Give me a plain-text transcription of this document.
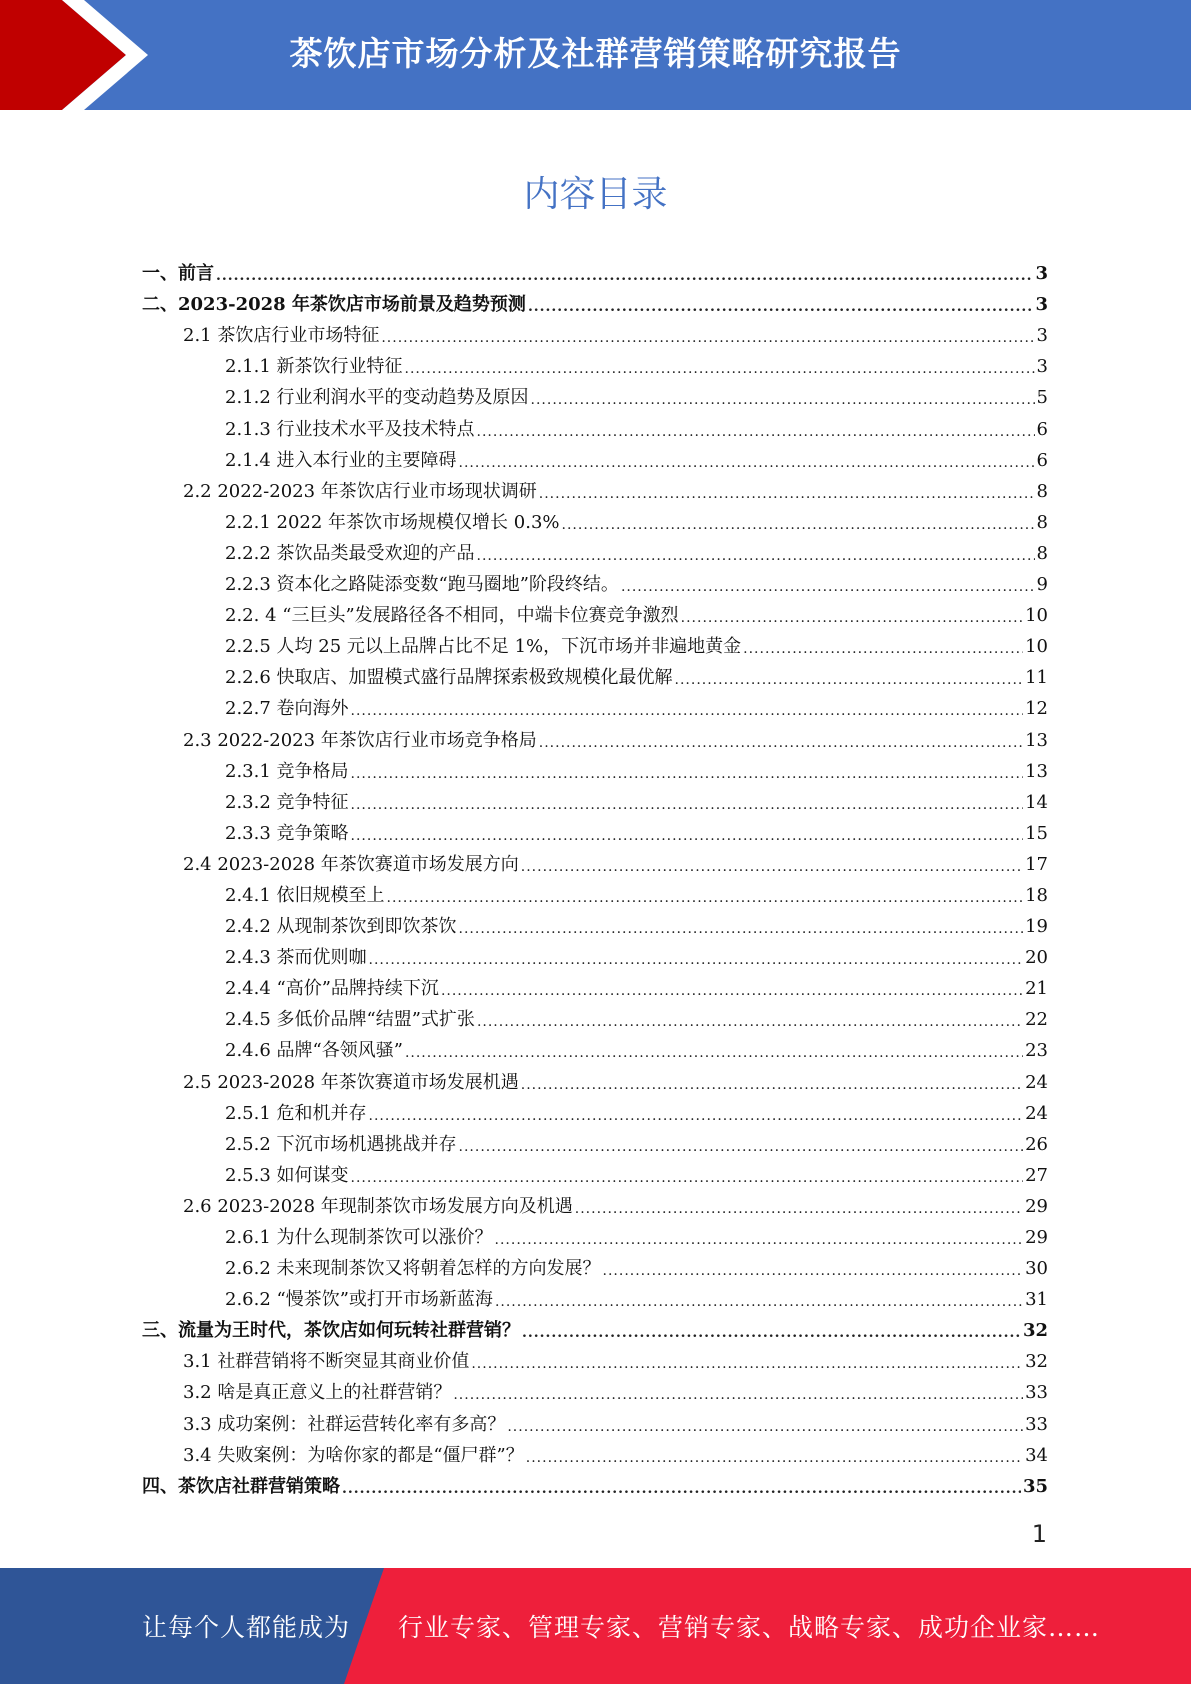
茶饮店市场分析及社群营销策略研究报告
内容目录
一、前言 .....	3
二、2023-2028 年茶饮店市场前景及趋势预测 .....	3
2.1 茶饮店行业市场特征 .....	3
2.1.1 新茶饮行业特征 .....	3
2.1.2 行业利润水平的变动趋势及原因 .....	5
2.1.3 行业技术水平及技术特点 .....	6
2.1.4 进入本行业的主要障碍 .....	6
2.2 2022-2023 年茶饮店行业市场现状调研 .....	8
2.2.1 2022 年茶饮市场规模仅增长 0.3% .....	8
2.2.2 茶饮品类最受欢迎的产品 .....	8
2.2.3 资本化之路陡添变数“跑马圈地”阶段终结。 .....	9
2.2. 4 “三巨头”发展路径各不相同，中端卡位赛竞争激烈 .....	10
2.2.5 人均 25 元以上品牌占比不足 1%，下沉市场并非遍地黄金 .....	10
2.2.6 快取店、加盟模式盛行品牌探索极致规模化最优解 .....	11
2.2.7 卷向海外 .....	12
2.3 2022-2023 年茶饮店行业市场竞争格局 .....	13
2.3.1 竞争格局 .....	13
2.3.2 竞争特征 .....	14
2.3.3 竞争策略 .....	15
2.4 2023-2028 年茶饮赛道市场发展方向 .....	17
2.4.1 依旧规模至上 .....	18
2.4.2 从现制茶饮到即饮茶饮 .....	19
2.4.3 茶而优则咖 .....	20
2.4.4 “高价”品牌持续下沉 .....	21
2.4.5 多低价品牌“结盟”式扩张 .....	22
2.4.6 品牌“各领风骚” .....	23
2.5 2023-2028 年茶饮赛道市场发展机遇 .....	24
2.5.1 危和机并存 .....	24
2.5.2 下沉市场机遇挑战并存 .....	26
2.5.3 如何谋变 .....	27
2.6 2023-2028 年现制茶饮市场发展方向及机遇 .....	29
2.6.1 为什么现制茶饮可以涨价？ .....	29
2.6.2 未来现制茶饮又将朝着怎样的方向发展？ .....	30
2.6.2 “慢茶饮”或打开市场新蓝海 .....	31
三、流量为王时代，茶饮店如何玩转社群营销？ .....	32
3.1 社群营销将不断突显其商业价值 .....	32
3.2 啥是真正意义上的社群营销？ .....	33
3.3 成功案例：社群运营转化率有多高？ .....	33
3.4 失败案例：为啥你家的都是“僵尸群”？ .....	34
四、茶饮店社群营销策略 .....	35
1
让每个人都能成为 行业专家、管理专家、营销专家、战略专家、成功企业家……
